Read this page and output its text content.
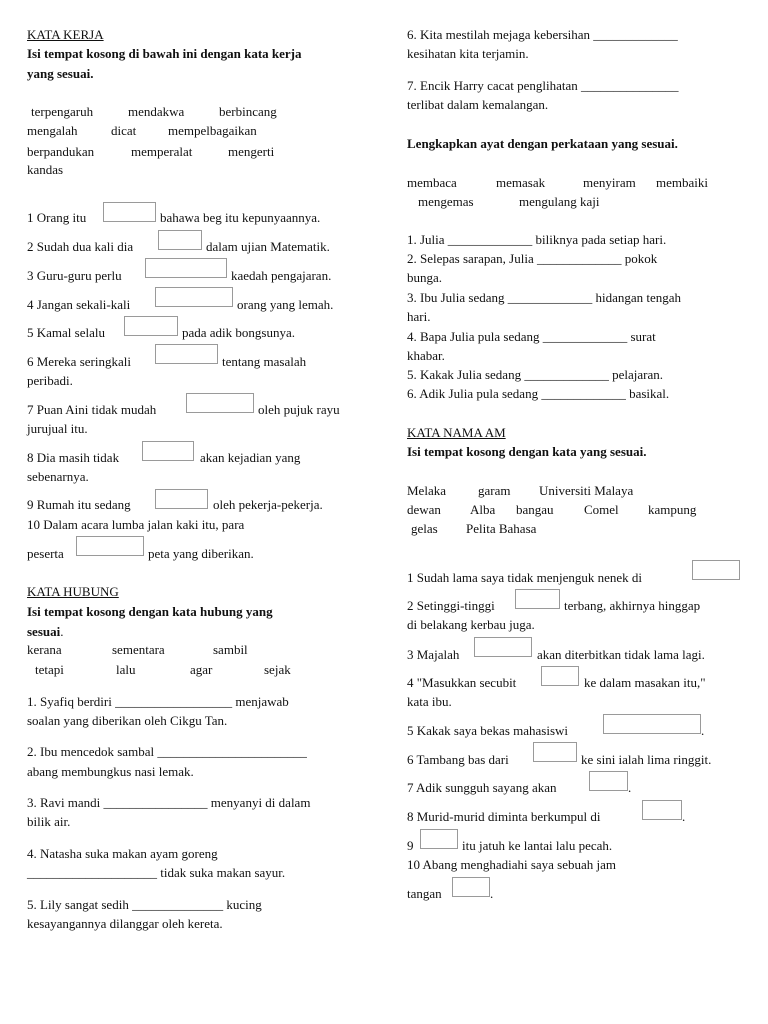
KATA KERJA
Isi tempat kosong di bawah ini dengan kata kerja
yang sesuai.
terpengaruh	mendakwa	berbincang
mengalah	dicat mempelbagaikan
berpandukan	memperalat	mengerti
kandas
1 Orang itu	bahawa beg itu kepunyaannya.
2 Sudah dua kali dia	dalam ujian Matematik.
3 Guru-guru perlu	kaedah pengajaran.
4 Jangan sekali-kali	orang yang lemah.
5 Kamal selalu	pada adik bongsunya.
6 Mereka seringkali	tentang masalah
peribadi.
7 Puan Aini tidak mudah	oleh pujuk rayu
jurujual itu.
8 Dia masih tidak	akan kejadian yang
sebenarnya.
9 Rumah itu sedang	oleh pekerja-pekerja.
10 Dalam acara lumba jalan kaki itu, para
peserta	peta yang diberikan.
KATA HUBUNG
Isi tempat kosong dengan kata hubung yang
sesuai.
kerana	sementara	sambil
tetapi	lalu	agar	sejak
1. Syafiq berdiri __________________ menjawab
soalan yang diberikan oleh Cikgu Tan.
2. Ibu mencedok sambal _______________________
abang membungkus nasi lemak.
3. Ravi mandi ________________ menyanyi di dalam
bilik air.
4. Natasha suka makan ayam goreng
____________________ tidak suka makan sayur.
5. Lily sangat sedih ______________ kucing
kesayangannya dilanggar oleh kereta.
6. Kita mestilah mejaga kebersihan _____________
kesihatan kita terjamin.
7. Encik Harry cacat penglihatan _______________
terlibat dalam kemalangan.
Lengkapkan ayat dengan perkataan yang sesuai.
membaca	memasak	menyiram membaiki
mengemas	mengulang kaji
1. Julia _____________ biliknya pada setiap hari.
2. Selepas sarapan, Julia _____________ pokok
bunga.
3. Ibu Julia sedang _____________ hidangan tengah
hari.
4. Bapa Julia pula sedang _____________ surat
khabar.
5. Kakak Julia sedang _____________ pelajaran.
6. Adik Julia pula sedang _____________ basikal.
KATA NAMA AM
Isi tempat kosong dengan kata yang sesuai.
Melaka garam Universiti Malaya
dewan Alba bangau Comel kampung
gelas Pelita Bahasa
1 Sudah lama saya tidak menjenguk nenek di
2 Setinggi-tinggi	terbang, akhirnya hinggap
di belakang kerbau juga.
3 Majalah	akan diterbitkan tidak lama lagi.
4 "Masukkan secubit	ke dalam masakan itu,"
kata ibu.
5 Kakak saya bekas mahasiswi	.
6 Tambang bas dari	ke sini ialah lima ringgit.
7 Adik sungguh sayang akan	.
8 Murid-murid diminta berkumpul di	.
9	itu jatuh ke lantai lalu pecah.
10 Abang menghadiahi saya sebuah jam
tangan	.
